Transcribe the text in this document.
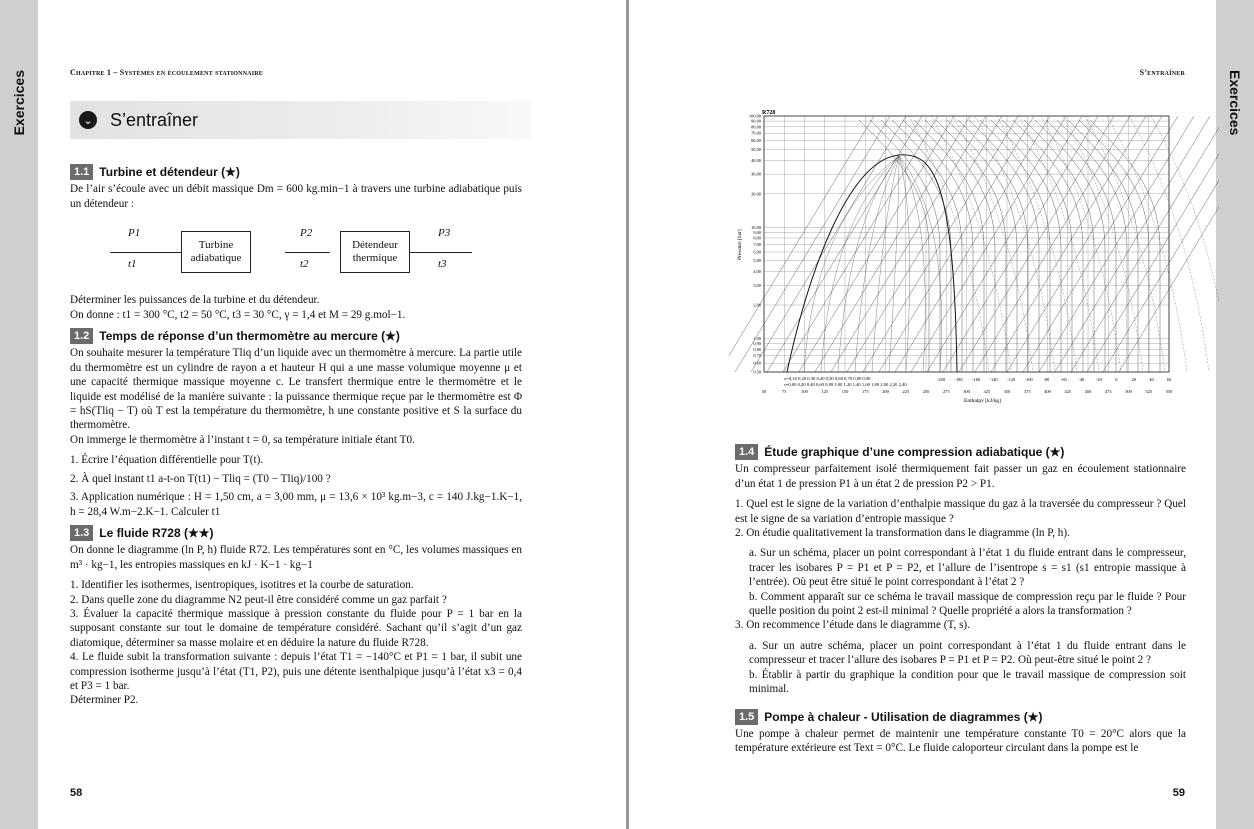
Exercices	Exercices
Chapitre 1 – Systèmes en écoulement stationnaire
⌄ S’entraîner
1.1 Turbine et détendeur (★)

De l’air s’écoule avec un débit massique Dm = 600 kg.min−1 à travers une turbine adiabatique puis un détendeur :

P1
t1
Turbine adiabatique
P2
t2
Détendeur thermique
P3
t3

Déterminer les puissances de la turbine et du détendeur.

On donne : t1 = 300 °C, t2 = 50 °C, t3 = 30 °C, γ = 1,4 et M = 29 g.mol−1.

1.2 Temps de réponse d’un thermomètre au mercure (★)

On souhaite mesurer la température Tliq d’un liquide avec un thermomètre à mercure. La partie utile du thermomètre est un cylindre de rayon a et hauteur H qui a une masse volumique moyenne μ et une capacité thermique massique moyenne c. Le transfert thermique entre le thermomètre et le liquide est modélisé de la manière suivante : la puissance thermique reçue par le thermomètre est Φ = hS(Tliq − T) où T est la température du thermomètre, h une constante positive et S la surface du thermomètre.

On immerge le thermomètre à l’instant t = 0, sa température initiale étant T0.

1. Écrire l’équation différentielle pour T(t).

2. À quel instant t1 a-t-on T(t1) − Tliq = (T0 − Tliq)/100 ?

3. Application numérique : H = 1,50 cm, a = 3,00 mm, μ = 13,6 × 10³ kg.m−3, c = 140 J.kg−1.K−1, h = 28,4 W.m−2.K−1. Calculer t1

1.3 Le fluide R728 (★★)

On donne le diagramme (ln P, h) fluide R72. Les températures sont en °C, les volumes massiques en m³ · kg−1, les entropies massiques en kJ · K−1 · kg−1

1. Identifier les isothermes, isentropiques, isotitres et la courbe de saturation.

2. Dans quelle zone du diagramme N2 peut-il être considéré comme un gaz parfait ?

3. Évaluer la capacité thermique massique à pression constante du fluide pour P = 1 bar en la supposant constante sur tout le domaine de température considéré. Sachant qu’il s’agit d’un gaz diatomique, déterminer sa masse molaire et en déduire la nature du fluide R728.

4. Le fluide subit la transformation suivante : depuis l’état T1 = −140°C et P1 = 1 bar, il subit une compression isotherme jusqu’à l’état (T1, P2), puis une détente isenthalpique jusqu’à l’état x3 = 0,4 et P3 = 1 bar.

Déterminer P2.

58
S’entraîner
R728
100,00
90,00
80,00
70,00
60,00
50,00
40,00
30,00
20,00
10,00
9,00
8,00
7,00
6,00
5,00
4,00
3,00
2,00
1,00
0,90
0,80
0,70
0,60
0,50
50	75	100	125	150	175	200	225	250	275	300	325	350	375	400	425	450	475	500	525	550
-200 -180 -160 -140 -120 -100 -80	-60	-40	-20	0	20	40	60
Pressure [bar]
Enthalpy [kJ/kg]
x=0,10 0,20 0,30 0,40 0,50 0,60 0,70 0,80 0,90
s=0,00 0,20 0,40 0,60 0,80 1,00 1,20 1,40 1,60 1,80 2,00 2,20 2,40
1.4 Étude graphique d’une compression adiabatique (★)

Un compresseur parfaitement isolé thermiquement fait passer un gaz en écoulement stationnaire d’un état 1 de pression P1 à un état 2 de pression P2 > P1.

1. Quel est le signe de la variation d’enthalpie massique du gaz à la traversée du compresseur ? Quel est le signe de sa variation d’entropie massique ?

2. On étudie qualitativement la transformation dans le diagramme (ln P, h).

a. Sur un schéma, placer un point correspondant à l’état 1 du fluide entrant dans le compresseur, tracer les isobares P = P1 et P = P2, et l’allure de l’isentrope s = s1 (s1 entropie massique à l’entrée). Où peut être situé le point correspondant à l’état 2 ?

b. Comment apparaît sur ce schéma le travail massique de compression reçu par le fluide ? Pour quelle position du point 2 est-il minimal ? Quelle propriété a alors la transformation ?

3. On recommence l’étude dans le diagramme (T, s).

a. Sur un autre schéma, placer un point correspondant à l’état 1 du fluide entrant dans le compresseur et tracer l’allure des isobares P = P1 et P = P2. Où peut-être situé le point 2 ?

b. Établir à partir du graphique la condition pour que le travail massique de compression soit minimal.

1.5 Pompe à chaleur - Utilisation de diagrammes (★)

Une pompe à chaleur permet de maintenir une température constante T0 = 20°C alors que la température extérieure est Text = 0°C. Le fluide caloporteur circulant dans la pompe est le

59
